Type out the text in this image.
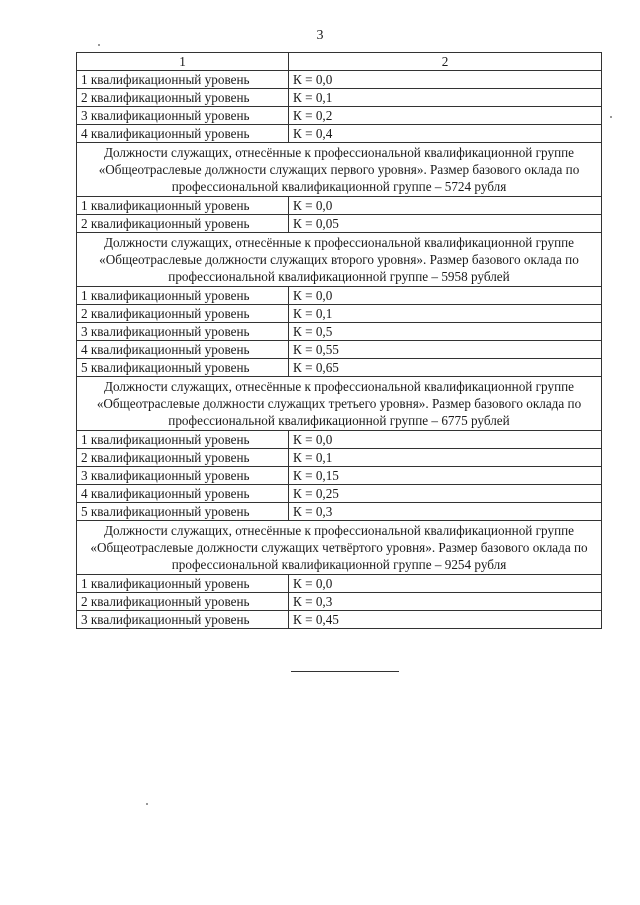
3
1	2
1 квалификационный уровень	К = 0,0
2 квалификационный уровень	К = 0,1
3 квалификационный уровень	К = 0,2
4 квалификационный уровень	К = 0,4
Должности служащих, отнесённые к профессиональной квалификационной группе «Общеотраслевые должности служащих первого уровня». Размер базового оклада по профессиональной квалификационной группе – 5724 рубля	
1 квалификационный уровень	К = 0,0
2 квалификационный уровень	К = 0,05
Должности служащих, отнесённые к профессиональной квалификационной группе «Общеотраслевые должности служащих второго уровня». Размер базового оклада по профессиональной квалификационной группе – 5958 рублей	
1 квалификационный уровень	К = 0,0
2 квалификационный уровень	К = 0,1
3 квалификационный уровень	К = 0,5
4 квалификационный уровень	К = 0,55
5 квалификационный уровень	К = 0,65
Должности служащих, отнесённые к профессиональной квалификационной группе «Общеотраслевые должности служащих третьего уровня». Размер базового оклада по профессиональной квалификационной группе – 6775 рублей	
1 квалификационный уровень	К = 0,0
2 квалификационный уровень	К = 0,1
3 квалификационный уровень	К = 0,15
4 квалификационный уровень	К = 0,25
5 квалификационный уровень	К = 0,3
Должности служащих, отнесённые к профессиональной квалификационной группе «Общеотраслевые должности служащих четвёртого уровня». Размер базового оклада по профессиональной квалификационной группе – 9254 рубля	
1 квалификационный уровень	К = 0,0
2 квалификационный уровень	К = 0,3
3 квалификационный уровень	К = 0,45
